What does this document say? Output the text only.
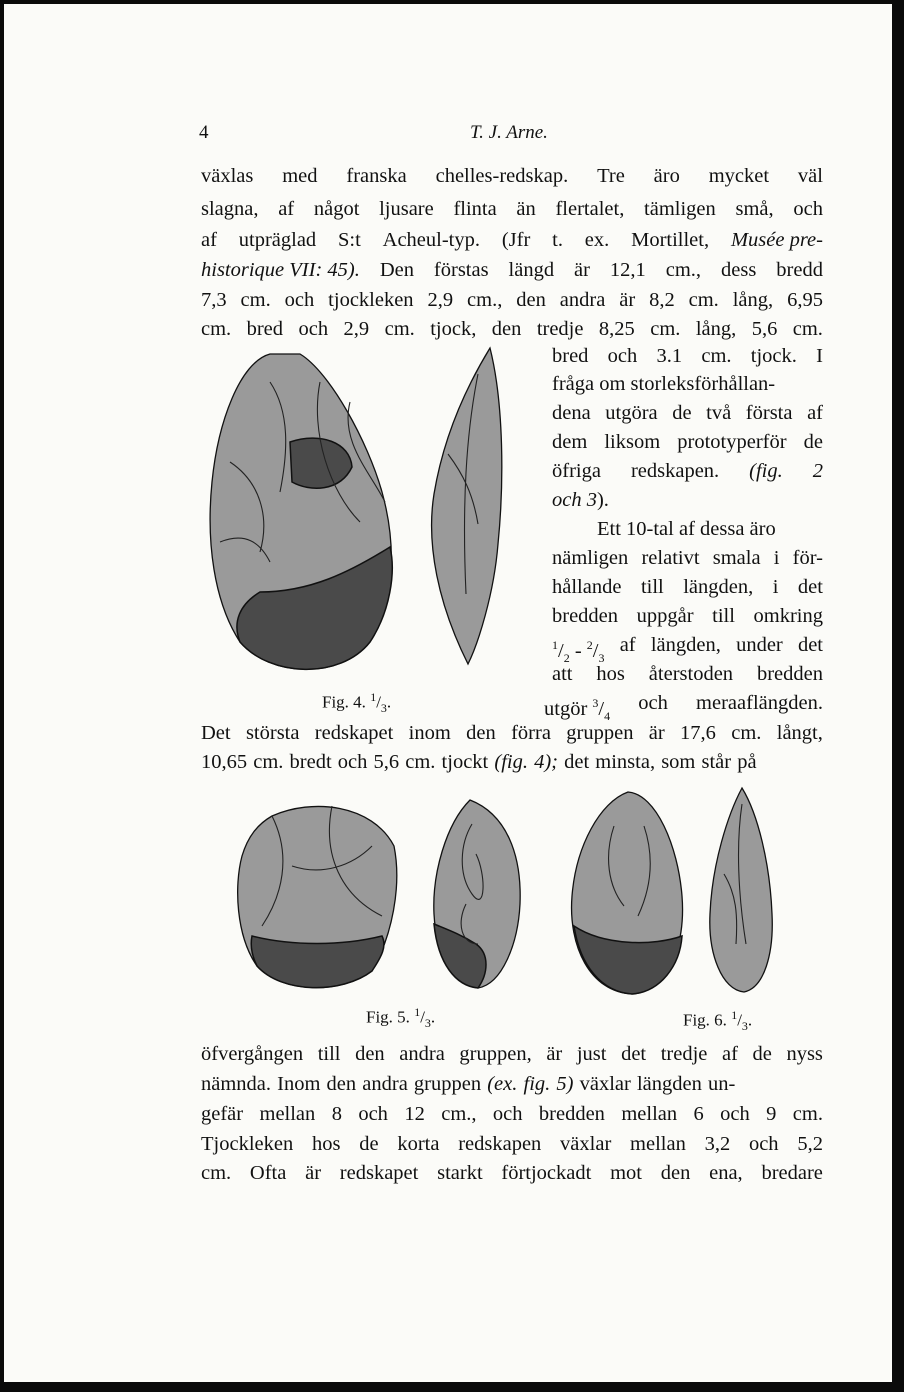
4	T. J. Arne.
växlas med franska chelles-redskap. Tre äro mycket väl
slagna, af något ljusare flinta än flertalet, tämligen små, och
af utpräglad S:t Acheul-typ. (Jfr t. ex. Mortillet, Musée pre-
historique VII: 45). Den förstas längd är 12,1 cm., dess bredd
7,3 cm. och tjockleken 2,9 cm., den andra är 8,2 cm. lång, 6,95
cm. bred och 2,9 cm. tjock, den tredje 8,25 cm. lång, 5,6 cm.
bred och 3.1 cm. tjock. I
fråga om storleksförhållan-
dena utgöra de två första af
dem liksom prototyperför de
öfriga redskapen. (fig. 2
och 3).
Ett 10-tal af dessa äro
nämligen relativt smala i för-
hållande till längden, i det
bredden uppgår till omkring
$^1/_2 - ^2/_3$
af längden, under det
att hos återstoden bredden
utgör $^3/_4$
och meraaflängden.
Det största redskapet inom den förra gruppen är 17,6 cm. långt,
10,65 cm. bredt och 5,6 cm. tjockt (fig. 4); det minsta, som står på
Fig. 4. $^1/_3$.
Fig. 5. $^1/_3$.	Fig. 6. $^1/_3$.
öfvergången till den andra gruppen, är just det tredje af de nyss
nämnda. Inom den andra gruppen (ex. fig. 5) växlar längden un-
gefär mellan 8 och 12 cm., och bredden mellan 6 och 9 cm.
Tjockleken hos de korta redskapen växlar mellan 3,2 och 5,2
cm. Ofta är redskapet starkt förtjockadt mot den ena, bredare
